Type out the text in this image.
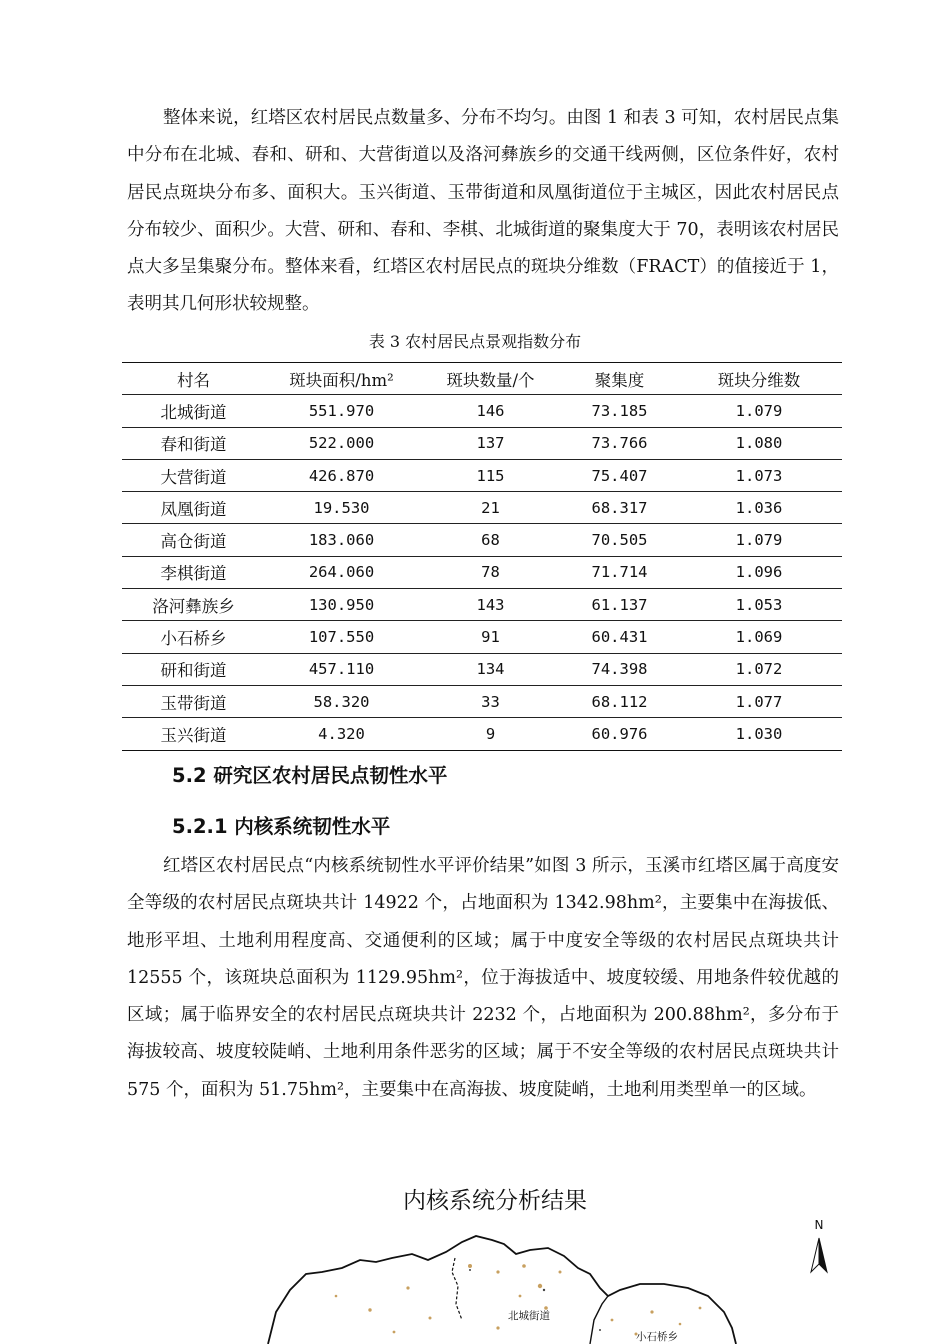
整体来说，红塔区农村居民点数量多、分布不均匀。由图 1 和表 3 可知，农村居民点集中分布在北城、春和、研和、大营街道以及洛河彝族乡的交通干线两侧，区位条件好，农村居民点斑块分布多、面积大。玉兴街道、玉带街道和凤凰街道位于主城区，因此农村居民点分布较少、面积少。大营、研和、春和、李棋、北城街道的聚集度大于 70，表明该农村居民点大多呈集聚分布。整体来看，红塔区农村居民点的斑块分维数（FRACT）的值接近于 1，表明其几何形状较规整。

表 3 农村居民点景观指数分布
村名	斑块面积/hm²	斑块数量/个	聚集度	斑块分维数
北城街道	551.970	146	73.185	1.079
春和街道	522.000	137	73.766	1.080
大营街道	426.870	115	75.407	1.073
凤凰街道	19.530	21	68.317	1.036
高仓街道	183.060	68	70.505	1.079
李棋街道	264.060	78	71.714	1.096
洛河彝族乡	130.950	143	61.137	1.053
小石桥乡	107.550	91	60.431	1.069
研和街道	457.110	134	74.398	1.072
玉带街道	58.320	33	68.112	1.077
玉兴街道	4.320	9	60.976	1.030
5.2 研究区农村居民点韧性水平
5.2.1 内核系统韧性水平

红塔区农村居民点“内核系统韧性水平评价结果”如图 3 所示，玉溪市红塔区属于高度安全等级的农村居民点斑块共计 14922 个，占地面积为 1342.98hm²，主要集中在海拔低、地形平坦、土地利用程度高、交通便利的区域；属于中度安全等级的农村居民点斑块共计 12555 个，该斑块总面积为 1129.95hm²，位于海拔适中、坡度较缓、用地条件较优越的区域；属于临界安全的农村居民点斑块共计 2232 个，占地面积为 200.88hm²，多分布于海拔较高、坡度较陡峭、土地利用条件恶劣的区域；属于不安全等级的农村居民点斑块共计 575 个，面积为 51.75hm²，主要集中在高海拔、坡度陡峭，土地利用类型单一的区域。

内核系统分析结果
北城街道
小石桥乡
N
